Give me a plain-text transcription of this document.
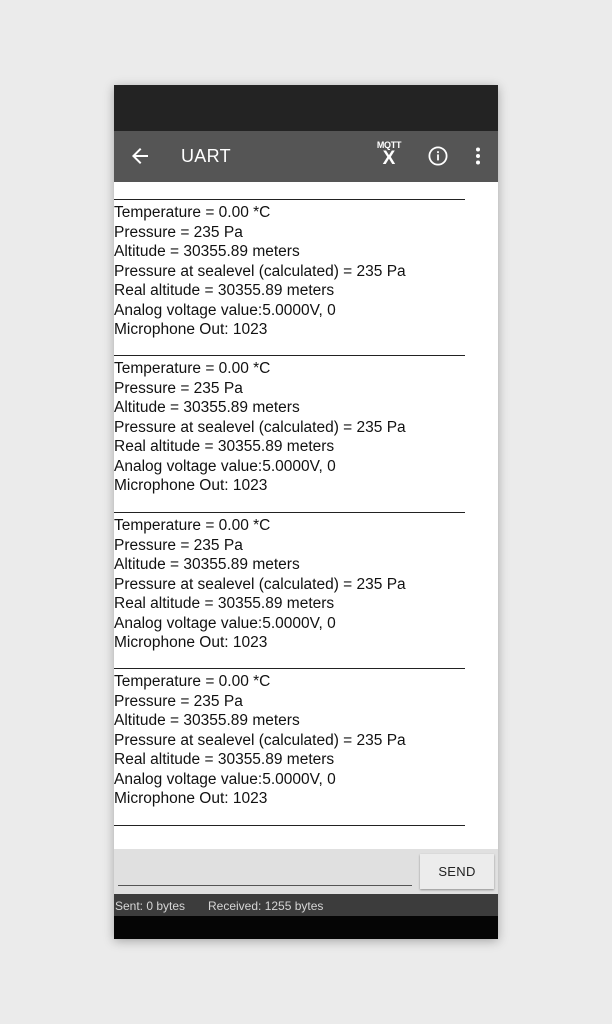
UART
MQTT
X
Temperature = 0.00 *C
Pressure = 235 Pa
Altitude = 30355.89 meters
Pressure at sealevel (calculated) = 235 Pa
Real altitude = 30355.89 meters
Analog voltage value:5.0000V, 0
Microphone Out: 1023
Temperature = 0.00 *C
Pressure = 235 Pa
Altitude = 30355.89 meters
Pressure at sealevel (calculated) = 235 Pa
Real altitude = 30355.89 meters
Analog voltage value:5.0000V, 0
Microphone Out: 1023
Temperature = 0.00 *C
Pressure = 235 Pa
Altitude = 30355.89 meters
Pressure at sealevel (calculated) = 235 Pa
Real altitude = 30355.89 meters
Analog voltage value:5.0000V, 0
Microphone Out: 1023
Temperature = 0.00 *C
Pressure = 235 Pa
Altitude = 30355.89 meters
Pressure at sealevel (calculated) = 235 Pa
Real altitude = 30355.89 meters
Analog voltage value:5.0000V, 0
Microphone Out: 1023
SEND
Sent: 0 bytes Received: 1255 bytes
